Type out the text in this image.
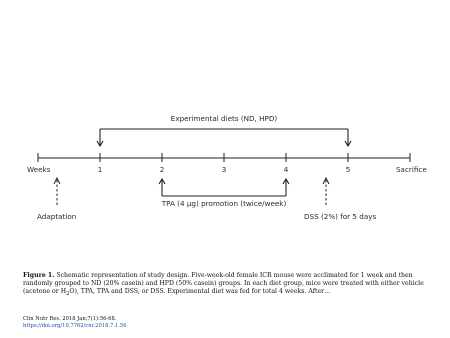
Experimental diets (ND, HPD)
Weeks	1	2	3	4	5	Sacrifice
Adaptation
TPA (4 μg) promotion (twice/week)
DSS (2%) for 5 days
Figure 1. Schematic representation of study design. Five-week-old female ICR mouse were acclimated for 1 week and then randomly grouped to ND (20% casein) and HPD (50% casein) groups. In each diet group, mice were treated with either vehicle (acetone or $H_2O$), TPA, TPA and DSS, or DSS. Experimental diet was fed for total 4 weeks. After…
Clin Nutr Res. 2018 Jan;7(1):56-68.
https://doi.org/10.7762/cnr.2018.7.1.56
